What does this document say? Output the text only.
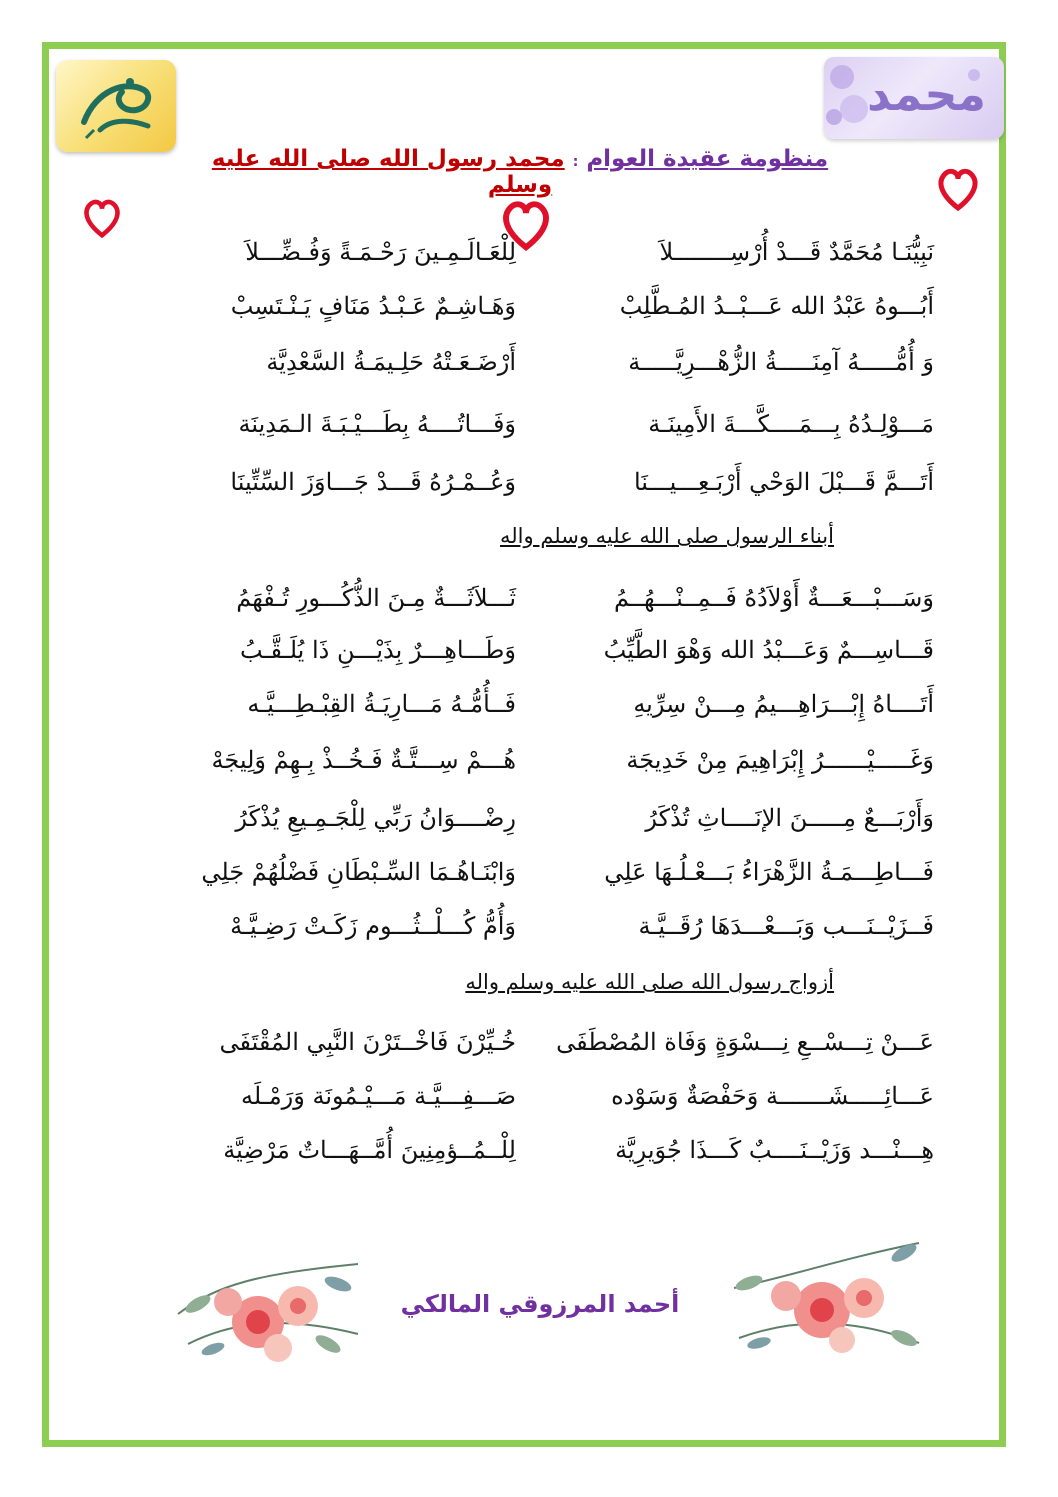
محمد
منظومة عقيدة العوام : محمد رسول الله صلى الله عليه وسلم
نَبِيُّنَـا مُحَمَّدٌ قَـــدْ أُرْسِــــــــلاَ
لِلْعَـالَـمِـينَ رَحْـمَـةً وَفُـضِّـــلاَ
أَبُـــوهُ عَبْدُ الله عَـــبْــدُ المُـطَّلِبْ
وَهَـاشِـمٌ عَـبْـدُ مَنَافٍ يَـنْـتَسِبْ
وَ أُمُّـــــهُ آمِنَـــــةُ الزُّهْـــرِيَّـــــة
أَرْضَـعَـتْهُ حَلِـيمَـةُ السَّعْدِيَّة
مَـــوْلِـدُهُ بِـــمَــــكَّـــةَ الأَمِينَـة
وَفَـــاتُــــهُ بِطَـــيْـبَـةَ الـمَدِينَة
أَتَـــمَّ قَـــبْلَ الوَحْي أَرْبَـعِـــيـــنَا
وَعُــمْـرُهُ قَـــدْ جَـــاوَزَ السِّتِّينَا
أبناء الرسول صلى الله عليه وسلم واله
وَسَـــبْـــعَـــةٌ أَوْلاَدُهُ فَــمِــنْـــهُــمُ
ثَـــلاَثَـــةٌ مِـنَ الذُّكُـــورِ تُـفْهَمُ
قَـــاسِـــمٌ وَعَـــبْدُ الله وَهْوَ الطَّيِّبُ
وَطَـــاهِـــرٌ بِذَيْـــنِ ذَا يُلَـقَّـبُ
أَتَــــاهُ إِبْـــرَاهِـــيمُ مِـــنْ سِرِّيهِ
فَــأُمُّـهُ مَـــارِيَـةُ القِبْـطِـــيَّـه
وَغَـــــيْــــــرُ إِبْرَاهِيمَ مِنْ خَدِيجَة
هُـــمْ سِـــتَّـةٌ فَـخُــذْ بِـهِمْ وَلِيجَهْ
وَأَرْبَـــعٌ مِـــــنَ الإنَــــاثِ تُذْكَرُ
رِضْــــوَانُ رَبِّي لِلْجَـمِـيعِ يُذْكَرُ
فَـــاطِـــمَـةُ الزَّهْرَاءُ بَـــعْـلُـهَا عَلِي
وَابْنَـاهُـمَا السِّـبْطَانِ فَضْلُهُمْ جَلِي
فَــزَيْــنَـــب وَبَـــعْـــدَهَا رُقَــيَّـة
وَأُمُّ كُـــلْــثُـــوم زَكَـتْ رَضِـيَّـهْ
أزواج رسول الله صلى الله عليه وسلم واله
عَـــنْ تِـــسْــعِ نِـــسْوَةٍ وَفَاة المُصْطَفَى
خُـيِّرْنَ فَاخْــتَرْنَ النَّبِي المُقْتَفَى
عَـــائِـــــشَـــــــة وَحَفْصَةٌ وَسَوْده
صَـــفِـــيَّـة مَـــيْـمُونَة وَرَمْـلَه
هِـــنْـــد وَزَيْــنَــــبٌ كَـــذَا جُوَيرِيَّة
لِلْــمُــؤمِنِينَ أُمَّــهَـــاتٌ مَرْضِيَّة
أحمد المرزوقي المالكي
